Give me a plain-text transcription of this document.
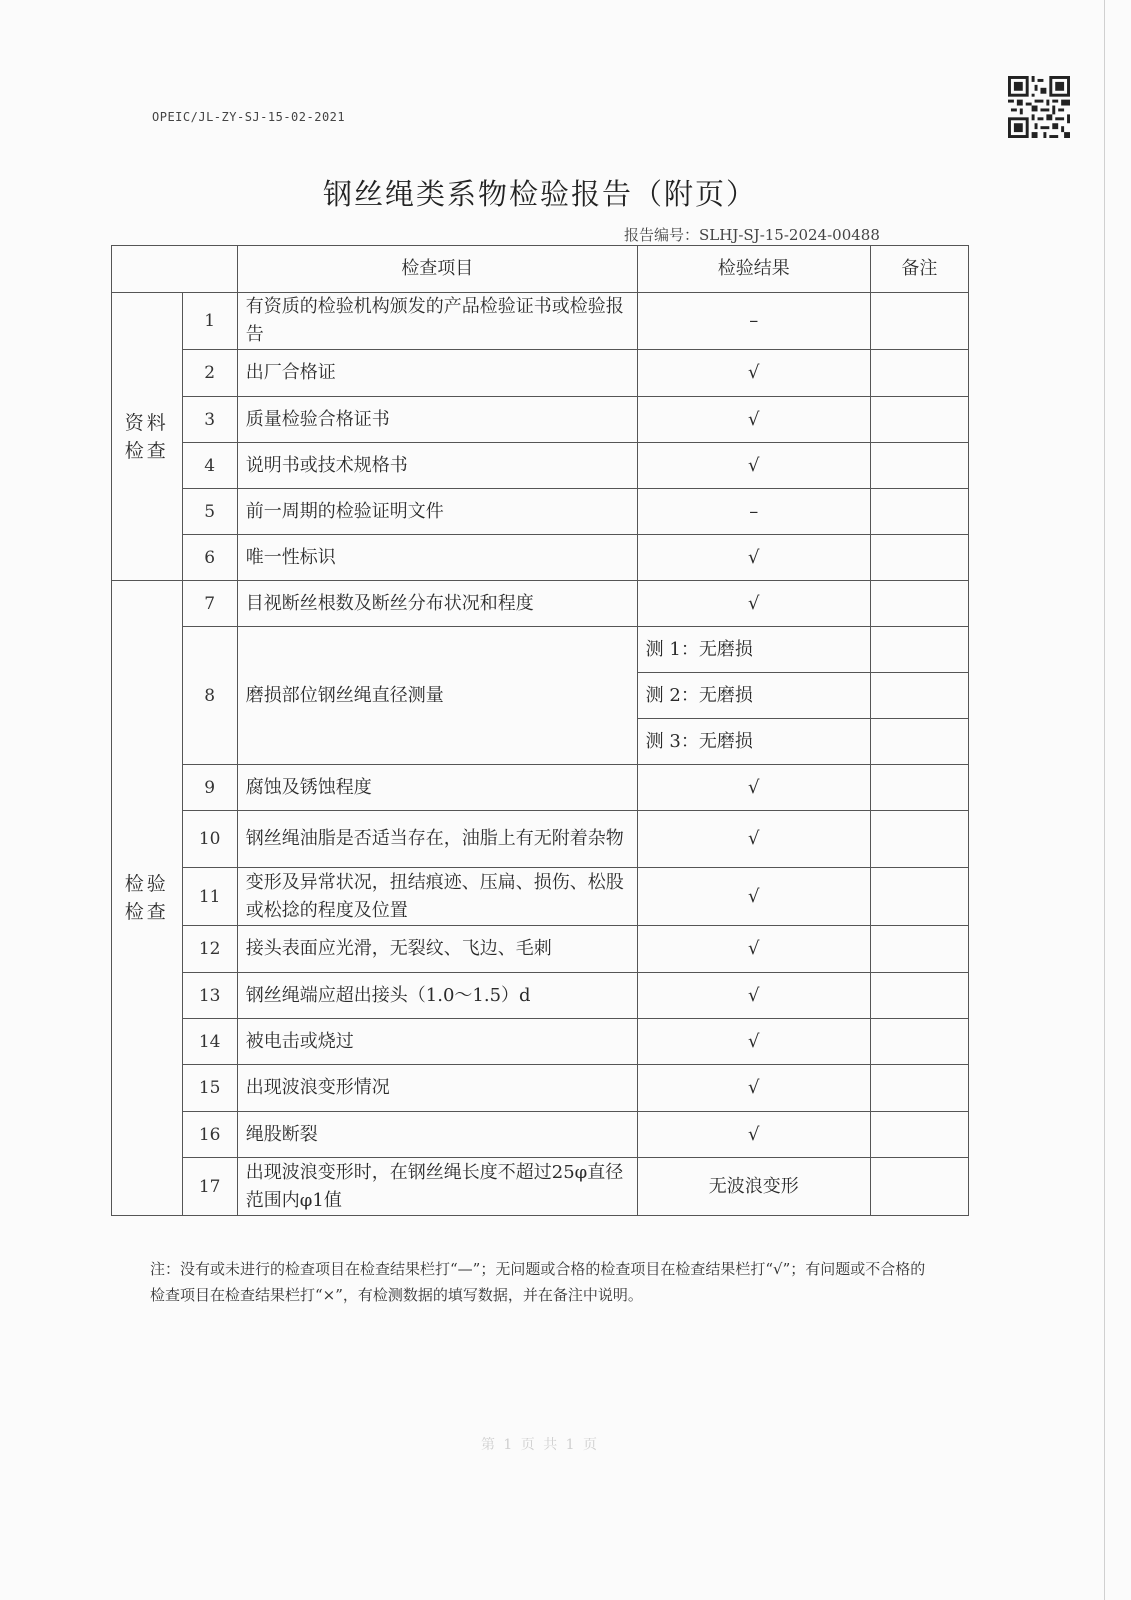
OPEIC/JL-ZY-SJ-15-02-2021
钢丝绳类系物检验报告（附页）
报告编号：SLHJ-SJ-15-2024-00488
		检查项目	检验结果	备注
资料检查	1	有资质的检验机构颁发的产品检验证书或检验报告	–	
	2	出厂合格证	√	
	3	质量检验合格证书	√	
	4	说明书或技术规格书	√	
	5	前一周期的检验证明文件	–	
	6	唯一性标识	√	
检验检查	7	目视断丝根数及断丝分布状况和程度	√	
	8	磨损部位钢丝绳直径测量	测 1：无磨损	
			测 2：无磨损	
			测 3：无磨损	
	9	腐蚀及锈蚀程度	√	
	10	钢丝绳油脂是否适当存在，油脂上有无附着杂物	√	
	11	变形及异常状况，扭结痕迹、压扁、损伤、松股或松捻的程度及位置	√	
	12	接头表面应光滑，无裂纹、飞边、毛刺	√	
	13	钢丝绳端应超出接头（1.0～1.5）d	√	
	14	被电击或烧过	√	
	15	出现波浪变形情况	√	
	16	绳股断裂	√	
	17	出现波浪变形时，在钢丝绳长度不超过25φ直径范围内φ1值	无波浪变形	
注：没有或未进行的检查项目在检查结果栏打“—”；无问题或合格的检查项目在检查结果栏打“√”；有问题或不合格的检查项目在检查结果栏打“×”，有检测数据的填写数据，并在备注中说明。
第 1 页 共 1 页
